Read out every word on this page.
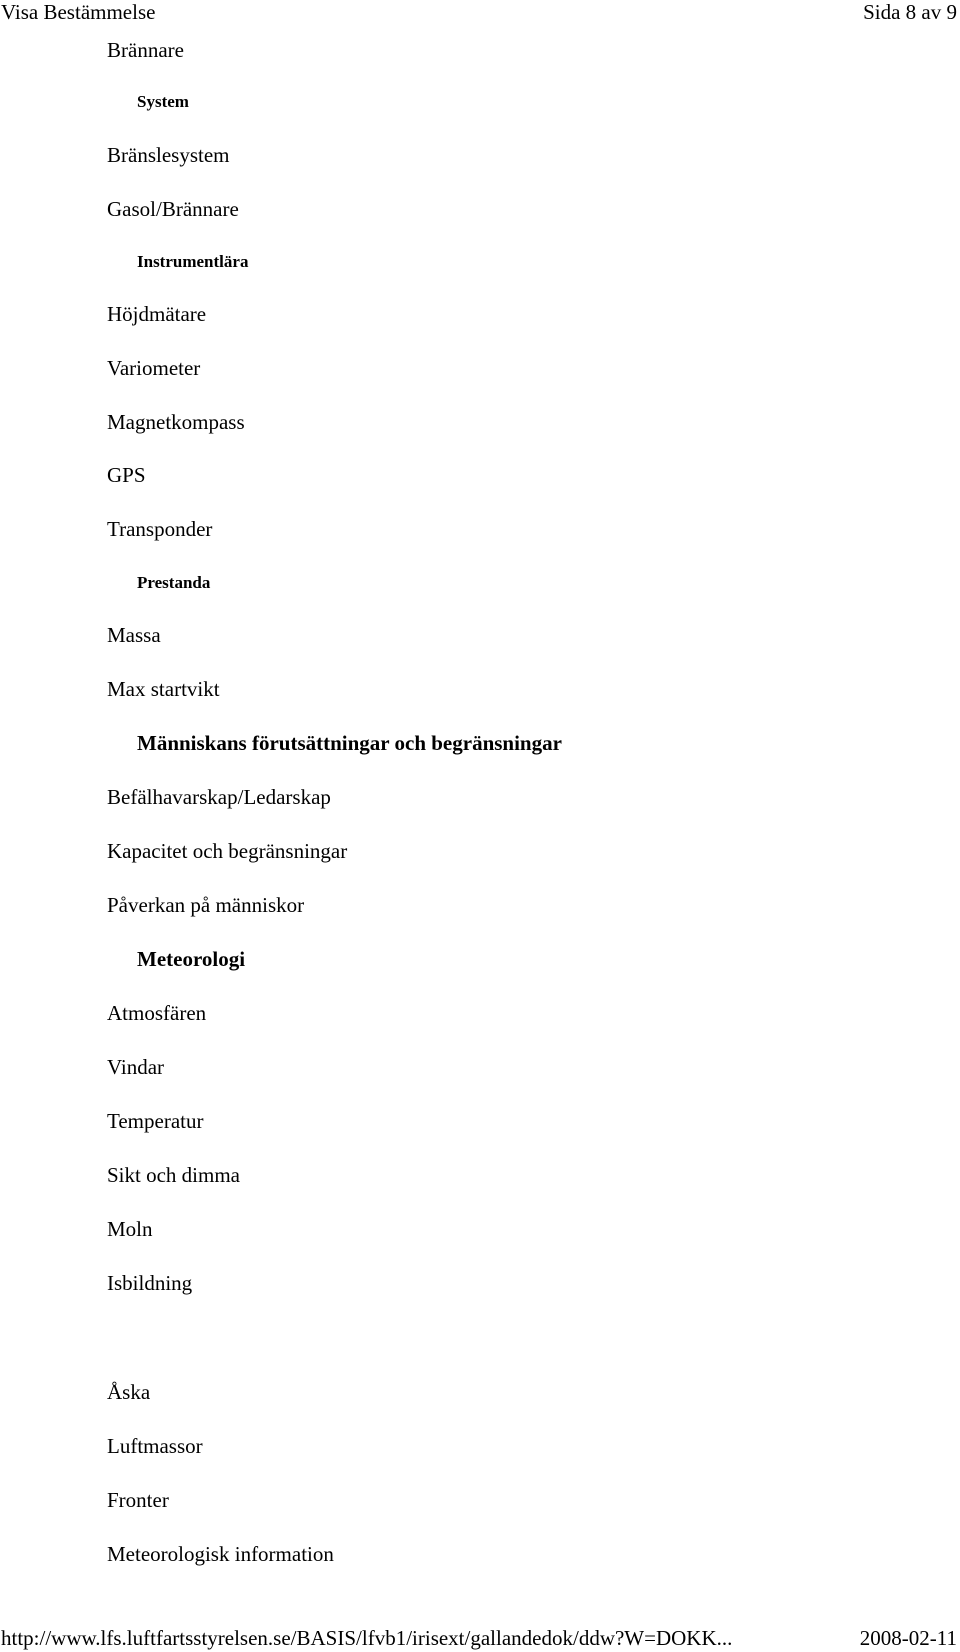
Visa Bestämmelse	Sida 8 av 9
Brännare
System
Bränslesystem
Gasol/Brännare
Instrumentlära
Höjdmätare
Variometer
Magnetkompass
GPS
Transponder
Prestanda
Massa
Max startvikt
Människans förutsättningar och begränsningar
Befälhavarskap/Ledarskap
Kapacitet och begränsningar
Påverkan på människor
Meteorologi
Atmosfären
Vindar
Temperatur
Sikt och dimma
Moln
Isbildning
Åska
Luftmassor
Fronter
Meteorologisk information
http://www.lfs.luftfartsstyrelsen.se/BASIS/lfvb1/irisext/gallandedok/ddw?W=DOKK...	2008-02-11
